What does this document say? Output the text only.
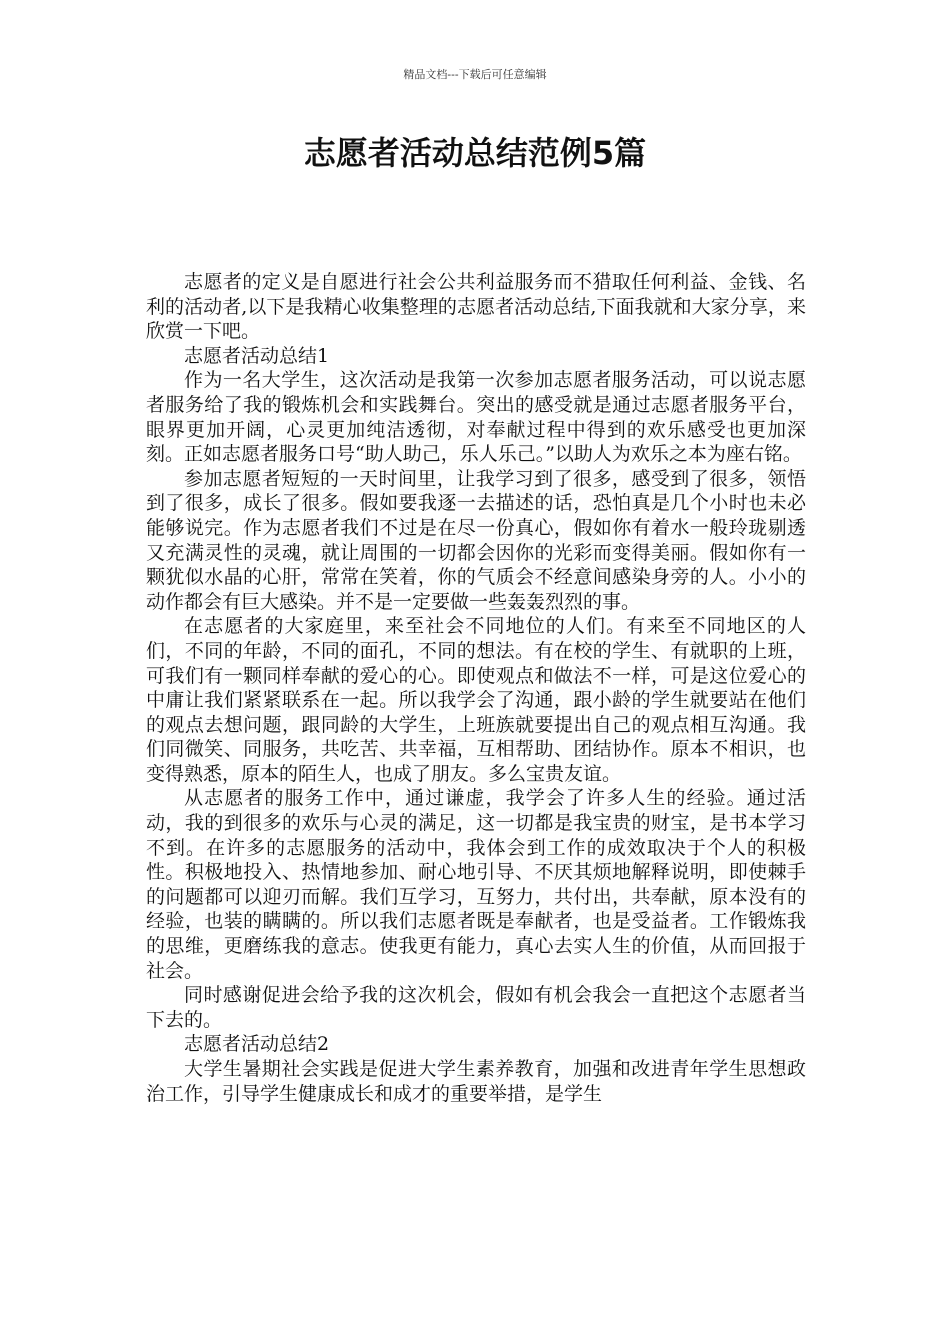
精品文档---下载后可任意编辑
志愿者活动总结范例5篇

志愿者的定义是自愿进行社会公共利益服务而不猎取任何利益、金钱、名利的活动者,以下是我精心收集整理的志愿者活动总结,下面我就和大家分享，来欣赏一下吧。

志愿者活动总结1

作为一名大学生，这次活动是我第一次参加志愿者服务活动，可以说志愿者服务给了我的锻炼机会和实践舞台。突出的感受就是通过志愿者服务平台，眼界更加开阔，心灵更加纯洁透彻，对奉献过程中得到的欢乐感受也更加深刻。正如志愿者服务口号“助人助己，乐人乐己。”以助人为欢乐之本为座右铭。

参加志愿者短短的一天时间里，让我学习到了很多，感受到了很多，领悟到了很多，成长了很多。假如要我逐一去描述的话，恐怕真是几个小时也未必能够说完。作为志愿者我们不过是在尽一份真心，假如你有着水一般玲珑剔透又充满灵性的灵魂，就让周围的一切都会因你的光彩而变得美丽。假如你有一颗犹似水晶的心肝，常常在笑着，你的气质会不经意间感染身旁的人。小小的动作都会有巨大感染。并不是一定要做一些轰轰烈烈的事。

在志愿者的大家庭里，来至社会不同地位的人们。有来至不同地区的人们，不同的年龄，不同的面孔，不同的想法。有在校的学生、有就职的上班，可我们有一颗同样奉献的爱心的心。即使观点和做法不一样，可是这位爱心的中庸让我们紧紧联系在一起。所以我学会了沟通，跟小龄的学生就要站在他们的观点去想问题，跟同龄的大学生，上班族就要提出自己的观点相互沟通。我们同微笑、同服务，共吃苦、共幸福，互相帮助、团结协作。原本不相识，也变得熟悉，原本的陌生人，也成了朋友。多么宝贵友谊。

从志愿者的服务工作中，通过谦虚，我学会了许多人生的经验。通过活动，我的到很多的欢乐与心灵的满足，这一切都是我宝贵的财宝，是书本学习不到。在许多的志愿服务的活动中，我体会到工作的成效取决于个人的积极性。积极地投入、热情地参加、耐心地引导、不厌其烦地解释说明，即使棘手的问题都可以迎刃而解。我们互学习，互努力，共付出，共奉献，原本没有的经验，也装的瞒瞒的。所以我们志愿者既是奉献者，也是受益者。工作锻炼我的思维，更磨练我的意志。使我更有能力，真心去实人生的价值，从而回报于社会。

同时感谢促进会给予我的这次机会，假如有机会我会一直把这个志愿者当下去的。

志愿者活动总结2

大学生暑期社会实践是促进大学生素养教育，加强和改进青年学生思想政治工作，引导学生健康成长和成才的重要举措，是学生
